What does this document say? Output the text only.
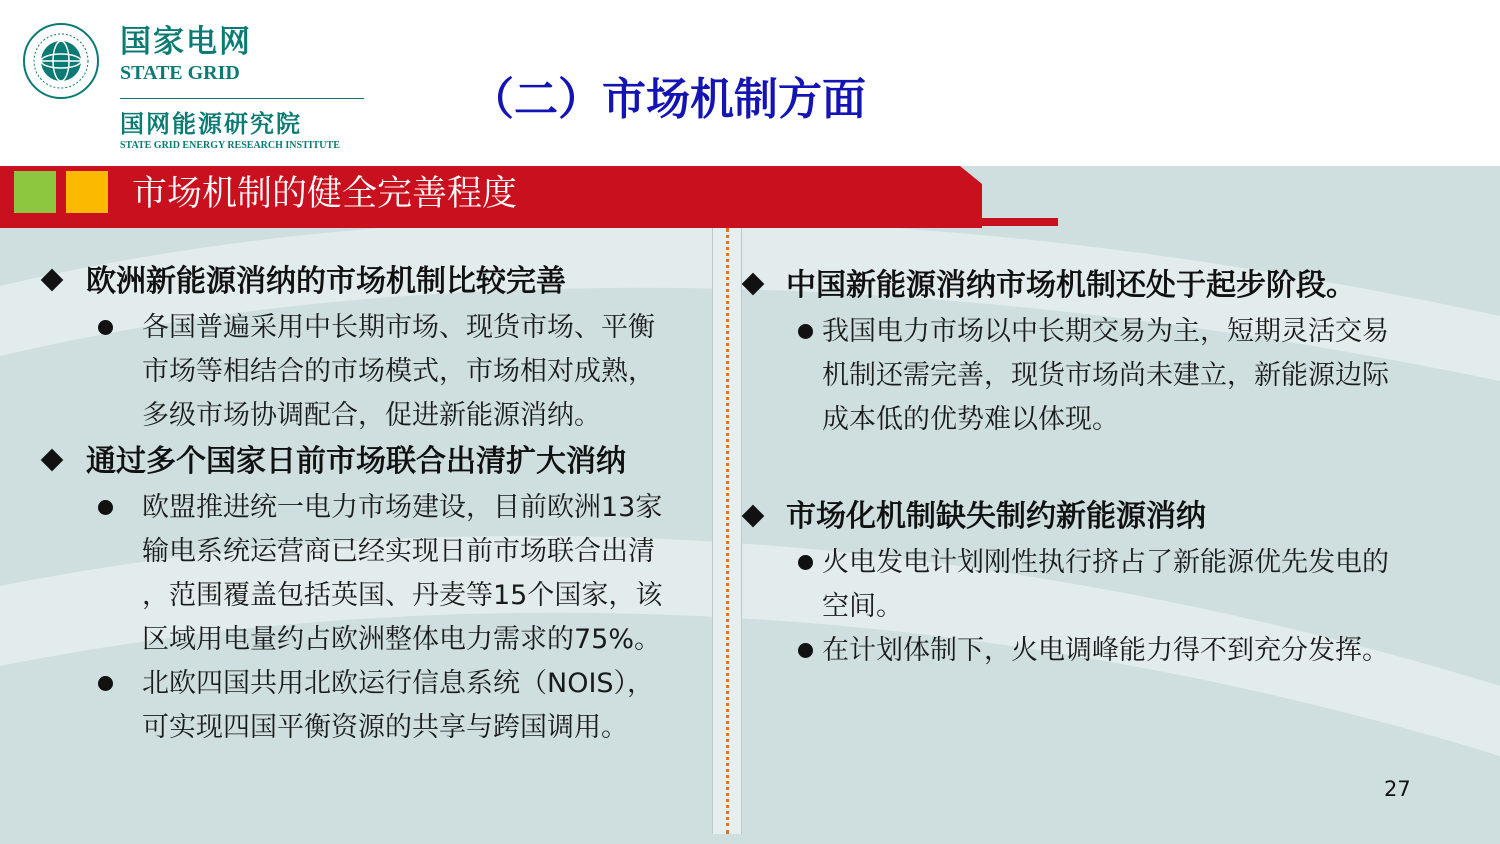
国家电网
STATE GRID
国网能源研究院
STATE GRID ENERGY RESEARCH INSTITUTE
（二）市场机制方面
市场机制的健全完善程度
欧洲新能源消纳的市场机制比较完善
各国普遍采用中长期市场、现货市场、平衡
市场等相结合的市场模式，市场相对成熟，
多级市场协调配合，促进新能源消纳。
通过多个国家日前市场联合出清扩大消纳
欧盟推进统一电力市场建设，目前欧洲13家
输电系统运营商已经实现日前市场联合出清
，范围覆盖包括英国、丹麦等15个国家，该
区域用电量约占欧洲整体电力需求的75%。
北欧四国共用北欧运行信息系统（NOIS），
可实现四国平衡资源的共享与跨国调用。
中国新能源消纳市场机制还处于起步阶段。
我国电力市场以中长期交易为主，短期灵活交易
机制还需完善，现货市场尚未建立，新能源边际
成本低的优势难以体现。
市场化机制缺失制约新能源消纳
火电发电计划刚性执行挤占了新能源优先发电的
空间。
在计划体制下，火电调峰能力得不到充分发挥。
27
